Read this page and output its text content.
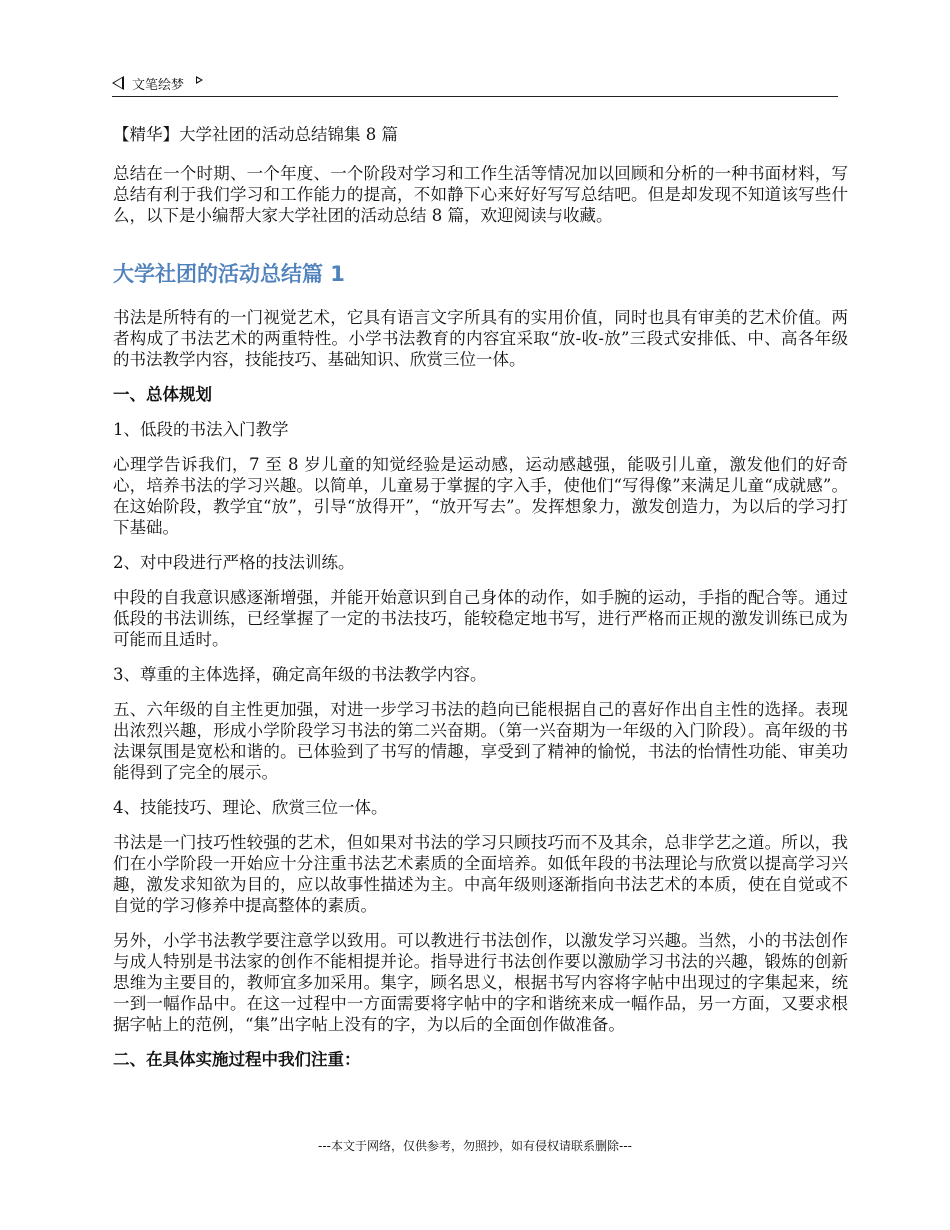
文笔绘梦

【精华】大学社团的活动总结锦集 8 篇

总结在一个时期、一个年度、一个阶段对学习和工作生活等情况加以回顾和分析的一种书面材料，写总结有利于我们学习和工作能力的提高，不如静下心来好好写写总结吧。但是却发现不知道该写些什么，以下是小编帮大家大学社团的活动总结 8 篇，欢迎阅读与收藏。

大学社团的活动总结篇 1

书法是所特有的一门视觉艺术，它具有语言文字所具有的实用价值，同时也具有审美的艺术价值。两者构成了书法艺术的两重特性。小学书法教育的内容宜采取“放-收-放”三段式安排低、中、高各年级的书法教学内容，技能技巧、基础知识、欣赏三位一体。

一、总体规划

1、低段的书法入门教学

心理学告诉我们，7 至 8 岁儿童的知觉经验是运动感，运动感越强，能吸引儿童，激发他们的好奇心，培养书法的学习兴趣。以简单，儿童易于掌握的字入手，使他们“写得像”来满足儿童“成就感”。在这始阶段，教学宜“放”，引导“放得开”，“放开写去”。发挥想象力，激发创造力，为以后的学习打下基础。

2、对中段进行严格的技法训练。

中段的自我意识感逐渐增强，并能开始意识到自己身体的动作，如手腕的运动，手指的配合等。通过低段的书法训练，已经掌握了一定的书法技巧，能较稳定地书写，进行严格而正规的激发训练已成为可能而且适时。

3、尊重的主体选择，确定高年级的书法教学内容。

五、六年级的自主性更加强，对进一步学习书法的趋向已能根据自己的喜好作出自主性的选择。表现出浓烈兴趣，形成小学阶段学习书法的第二兴奋期。（第一兴奋期为一年级的入门阶段）。高年级的书法课氛围是宽松和谐的。已体验到了书写的情趣，享受到了精神的愉悦，书法的怡情性功能、审美功能得到了完全的展示。

4、技能技巧、理论、欣赏三位一体。

书法是一门技巧性较强的艺术，但如果对书法的学习只顾技巧而不及其余，总非学艺之道。所以，我们在小学阶段一开始应十分注重书法艺术素质的全面培养。如低年段的书法理论与欣赏以提高学习兴趣，激发求知欲为目的，应以故事性描述为主。中高年级则逐渐指向书法艺术的本质，使在自觉或不自觉的学习修养中提高整体的素质。

另外，小学书法教学要注意学以致用。可以教进行书法创作，以激发学习兴趣。当然，小的书法创作与成人特别是书法家的创作不能相提并论。指导进行书法创作要以激励学习书法的兴趣，锻炼的创新思维为主要目的，教师宜多加采用。集字，顾名思义，根据书写内容将字帖中出现过的字集起来，统一到一幅作品中。在这一过程中一方面需要将字帖中的字和谐统来成一幅作品，另一方面，又要求根据字帖上的范例，“集”出字帖上没有的字，为以后的全面创作做准备。

二、在具体实施过程中我们注重：
---本文于网络，仅供参考，勿照抄，如有侵权请联系删除---
